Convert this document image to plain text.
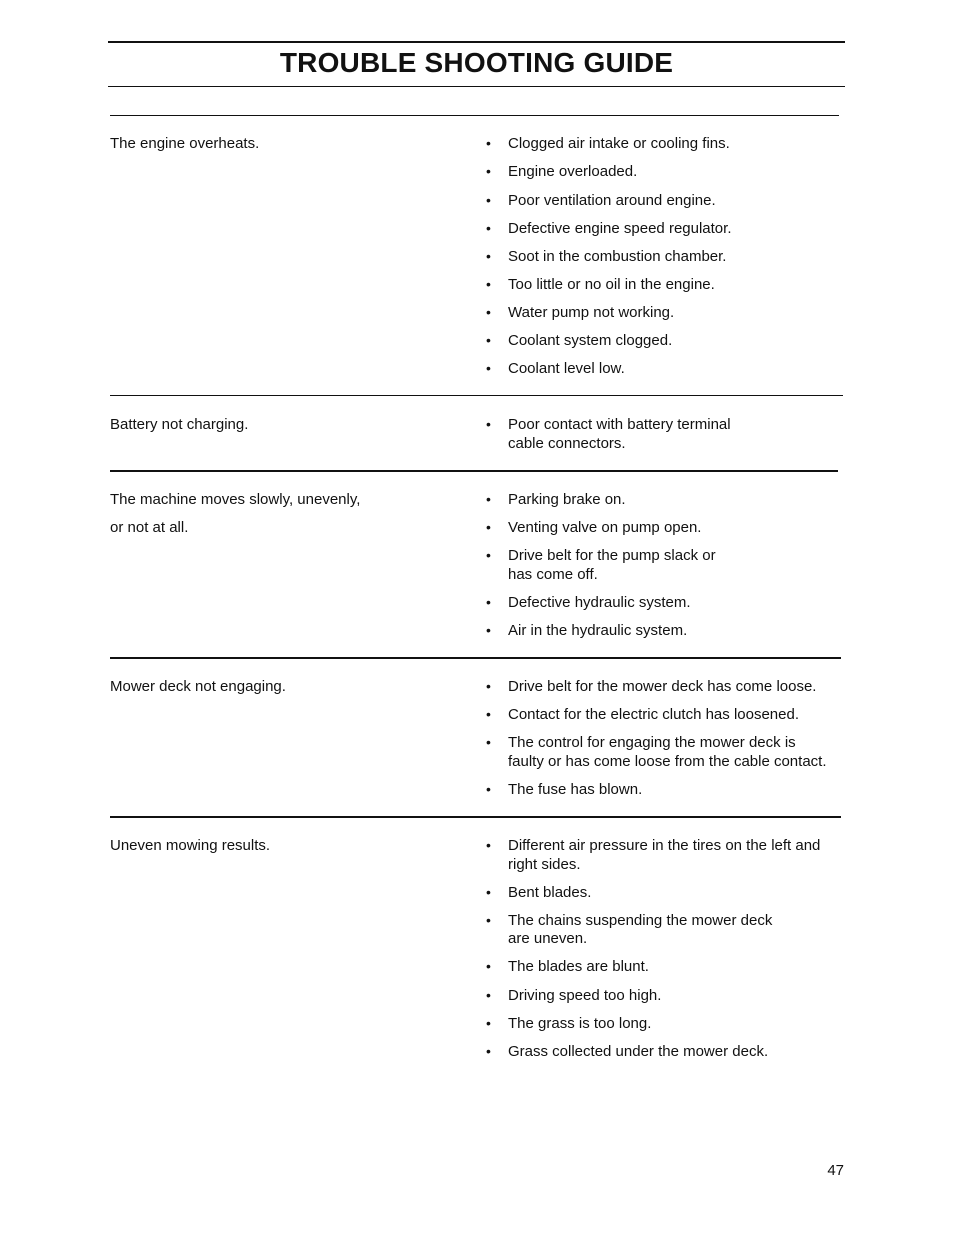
TROUBLE SHOOTING GUIDE
The engine overheats.	• Clogged air intake or cooling fins.
• Engine overloaded.
• Poor ventilation around engine.
• Defective engine speed regulator.
• Soot in the combustion chamber.
• Too little or no oil in the engine.
• Water pump not working.
• Coolant system clogged.
• Coolant level low.
Battery not charging.	• Poor contact with battery terminal
cable connectors.
The machine moves slowly, unevenly,
or not at all.
• Parking brake on.
• Venting valve on pump open.
• Drive belt for the pump slack or
has come off.
• Defective hydraulic system.
• Air in the hydraulic system.
Mower deck not engaging.	• Drive belt for the mower deck has come loose.
• Contact for the electric clutch has loosened.
• The control for engaging the mower deck is
faulty or has come loose from the cable contact.
• The fuse has blown.
Uneven mowing results.	• Different air pressure in the tires on the left and
right sides.
• Bent blades.
• The chains suspending the mower deck
are uneven.
• The blades are blunt.
• Driving speed too high.
• The grass is too long.
• Grass collected under the mower deck.
47
